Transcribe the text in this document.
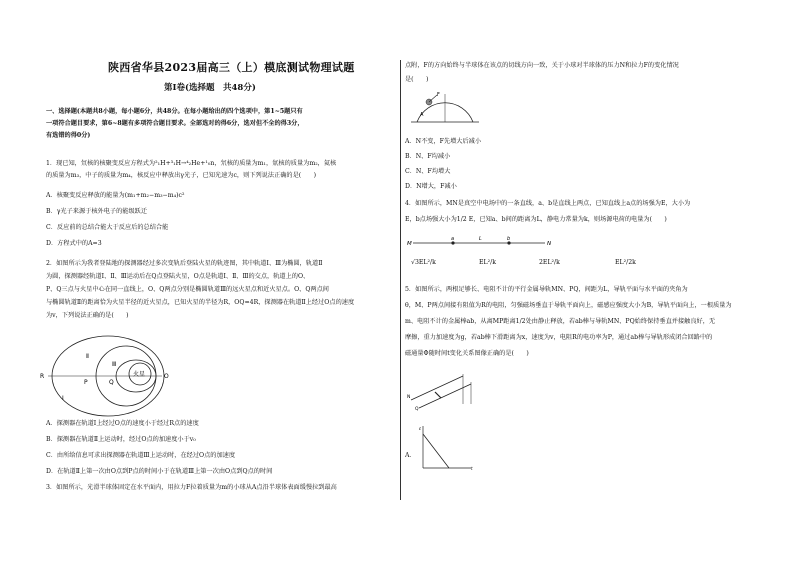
陕西省华县2023届高三（上）模底测试物理试题
第Ⅰ卷(选择题　共48分)
一、选择题(本题共8小题，每小题6分，共48分。在每小题给出的四个选项中，第1~5题只有
一项符合题目要求，第6~8题有多项符合题目要求。全部选对的得6分，选对但不全的得3分，
有选错的得0分)
1．现已知，氘核的核聚变反应方程式为²₁H+³₁H→⁴₂He+¹₀n，氘核的质量为m₁，氚核的质量为m₂，氦核
的质量为m₃，中子的质量为m₄，核反应中释放出γ光子，已知光速为c，则下列说法正确的是(　　)
A．核聚变反应释放的能量为(m₁+m₂−m₃−m₄)c²
B．γ光子来源于核外电子的能级跃迁
C．反应前的总结合能大于反应后的总结合能
D．方程式中的A=3
2．如图所示为我者登陆地的探测器经过多次变轨后登陆火星的轨迹图，其中轨道Ⅰ、Ⅲ为椭圆，轨道Ⅱ
为圆，探测器经轨道Ⅰ、Ⅱ、Ⅲ运动后在Q点登陆火星，O点是轨道Ⅰ、Ⅱ、Ⅲ的交点，轨道上的O、
P、Q三点与火星中心在同一直线上，O、Q两点分别是椭圆轨道Ⅲ的远火星点和近火星点。O、Q两点间
与椭圆轨道Ⅱ的距离恰为火星半径的近火星点，已知火星的半径为R，OQ=4R，探测器在轨道Ⅱ上经过O点的速度
为v，下列说法正确的是(　　)
R
P	Q
O
火星
Ⅰ
Ⅱ
Ⅲ
A．探测器在轨道Ⅰ上经过O点的速度小于经过R点的速度
B．探测器在轨道Ⅱ上运动时，经过O点的加速度小于v₀
C．由所给信息可求出探测器在轨道Ⅲ上运动时，在经过O点的加速度
D．在轨道Ⅱ上第一次由O点到P点的时间小于在轨道Ⅲ上第一次由O点到Q点的时间
3．如图所示，光滑半球体固定在水平面内，用拉力F拉着质量为m的小球从A点沿半球体表面缓慢拉到最高
点附，F的方向始终与半球体在该点的切线方向一致，关于小球对半球体的压力N和拉力F的变化情况
是(　　)
A
F
A．N不变，F先增大后减小
B．N、F均减小
C．N、F均增大
D．N增大，F减小
4．如图所示，MN是真空中电场中的一条直线，a、b是直线上两点，已知直线上a点的场强为E，大小为
E，b点场强大小为1/2 E，已知a、b间的距离为L，静电力常量为k，则场源电荷的电量为(　　)
M	N
a	b
L
√3EL²/k	EL²/k	2EL²/k	EL²/2k
5．如图所示，两根足够长、电阻不计的平行金属导轨MN、PQ，间距为L，导轨平面与水平面的夹角为
θ，M、P两点间接有阻值为R的电阻，匀强磁场垂直于导轨平面向上，磁感应强度大小为B，导轨平面向上，一根质量为
m、电阻不计的金属棒ab，从离MP距离1/2处由静止释放，若ab棒与导轨MN、PQ始终保持垂直并接触良好，无
摩擦，重力加速度为g，若ab棒下滑距离为x，速度为v，电阻R的电功率为P，通过ab棒与导轨形成闭合回路中的
磁通量Φ随时间t变化关系图像正确的是(　　)
N
Q
A．
ε
t
